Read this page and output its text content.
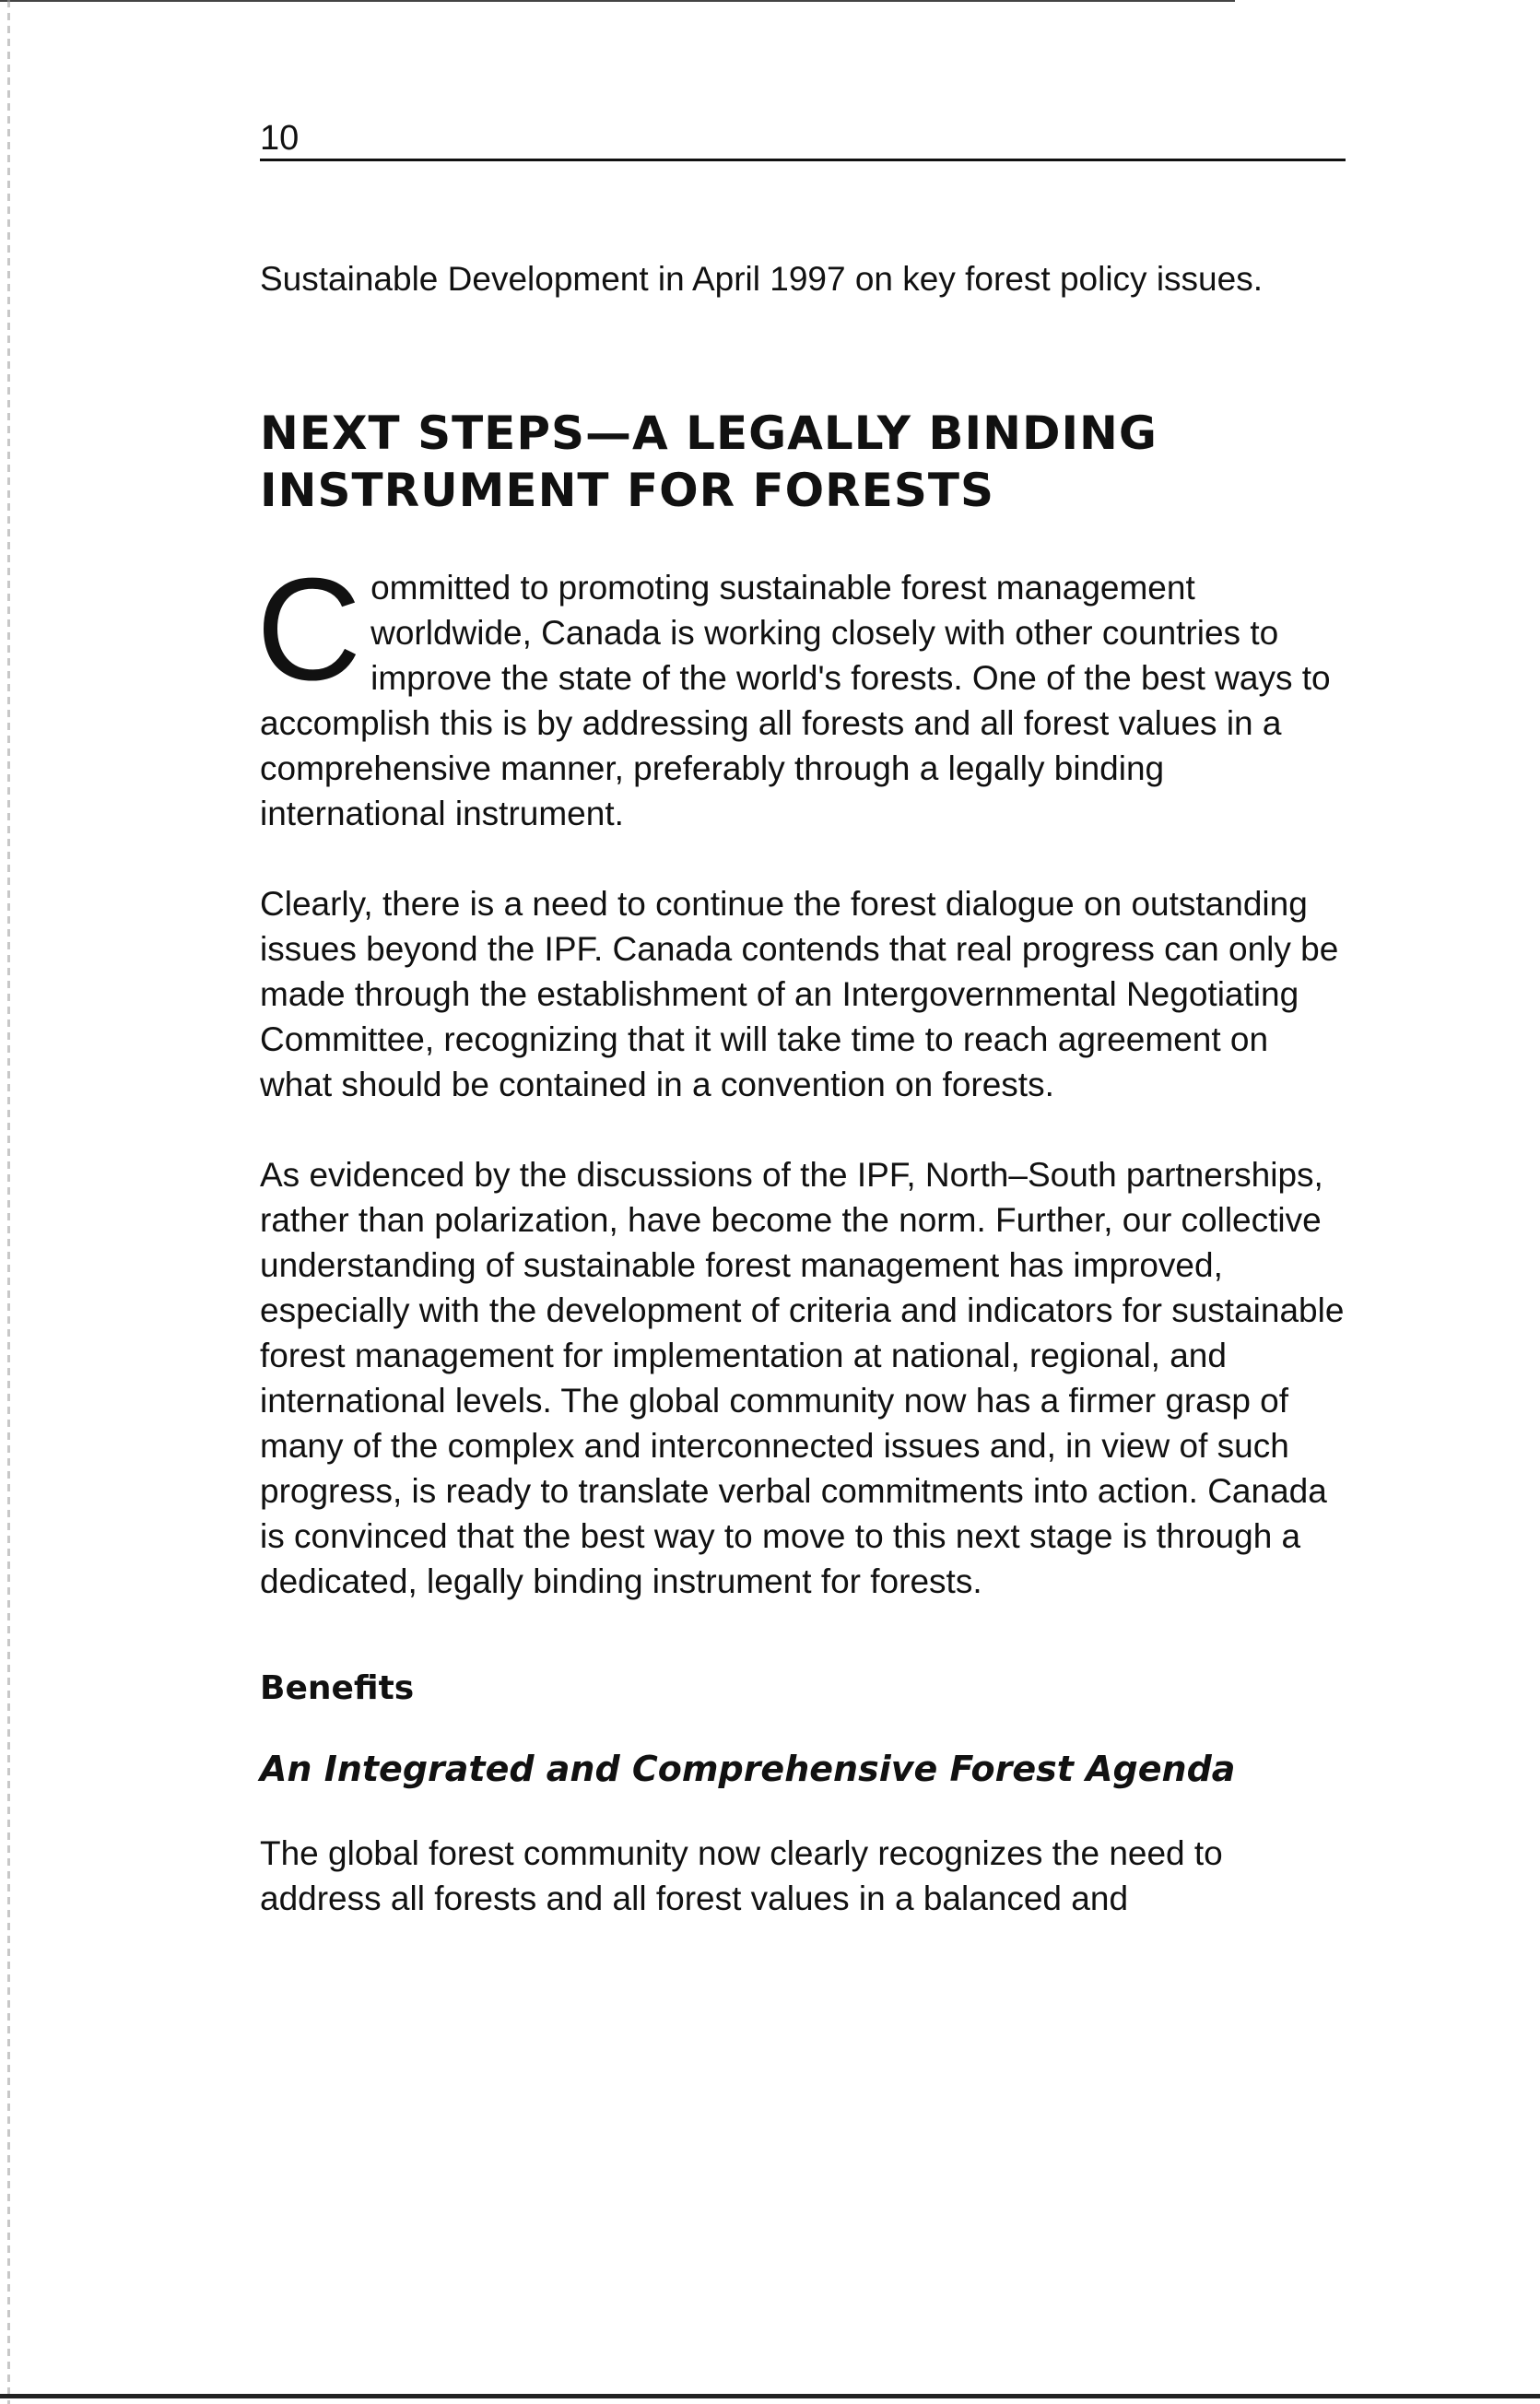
10

Sustainable Development in April 1997 on key forest policy issues.

NEXT STEPS—A LEGALLY BINDING INSTRUMENT FOR FORESTS

C ommitted to promoting sustainable forest management worldwide, Canada is working closely with other countries to improve the state of the world's forests. One of the best ways to accomplish this is by addressing all forests and all forest values in a comprehensive manner, preferably through a legally binding international instrument.

Clearly, there is a need to continue the forest dialogue on outstanding issues beyond the IPF. Canada contends that real progress can only be made through the establishment of an Intergovernmental Negotiating Committee, recognizing that it will take time to reach agreement on what should be contained in a convention on forests.

As evidenced by the discussions of the IPF, North–South partnerships, rather than polarization, have become the norm. Further, our collective understanding of sustainable forest management has improved, especially with the development of criteria and indicators for sustainable forest management for implementation at national, regional, and international levels. The global community now has a firmer grasp of many of the complex and interconnected issues and, in view of such progress, is ready to translate verbal commitments into action. Canada is convinced that the best way to move to this next stage is through a dedicated, legally binding instrument for forests.

Benefits
An Integrated and Comprehensive Forest Agenda

The global forest community now clearly recognizes the need to address all forests and all forest values in a balanced and
